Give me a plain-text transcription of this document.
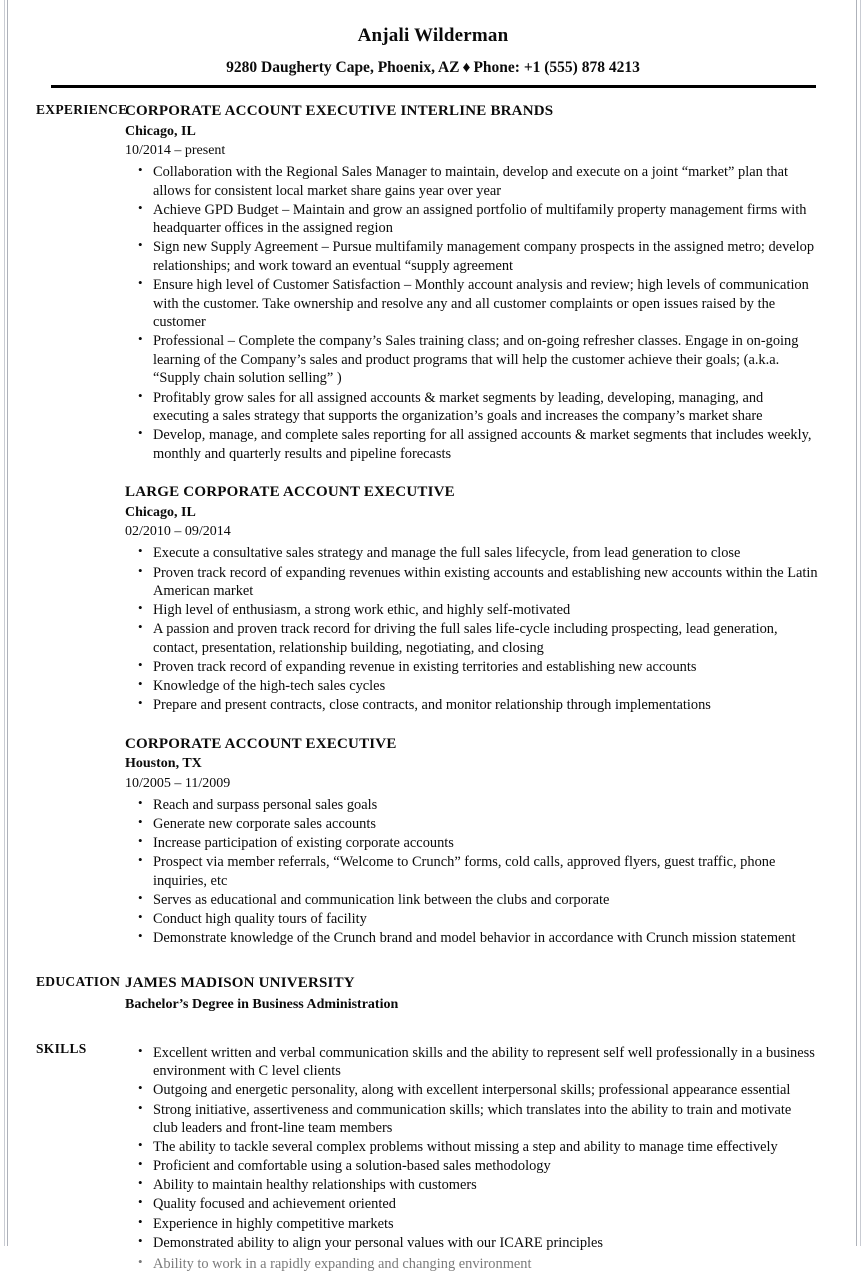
Anjali Wilderman
9280 Daugherty Cape, Phoenix, AZ ♦ Phone: +1 (555) 878 4213
EXPERIENCE
CORPORATE ACCOUNT EXECUTIVE INTERLINE BRANDS
Chicago, IL
10/2014 – present
• Collaboration with the Regional Sales Manager to maintain, develop and execute on a joint “market” plan that allows for consistent local market share gains year over year
• Achieve GPD Budget – Maintain and grow an assigned portfolio of multifamily property management firms with headquarter offices in the assigned region
• Sign new Supply Agreement – Pursue multifamily management company prospects in the assigned metro; develop relationships; and work toward an eventual “supply agreement
• Ensure high level of Customer Satisfaction – Monthly account analysis and review; high levels of communication with the customer. Take ownership and resolve any and all customer complaints or open issues raised by the customer
• Professional – Complete the company’s Sales training class; and on-going refresher classes. Engage in on-going learning of the Company’s sales and product programs that will help the customer achieve their goals; (a.k.a. “Supply chain solution selling” )
• Profitably grow sales for all assigned accounts & market segments by leading, developing, managing, and executing a sales strategy that supports the organization’s goals and increases the company’s market share
• Develop, manage, and complete sales reporting for all assigned accounts & market segments that includes weekly, monthly and quarterly results and pipeline forecasts
LARGE CORPORATE ACCOUNT EXECUTIVE
Chicago, IL
02/2010 – 09/2014
• Execute a consultative sales strategy and manage the full sales lifecycle, from lead generation to close
• Proven track record of expanding revenues within existing accounts and establishing new accounts within the Latin American market
• High level of enthusiasm, a strong work ethic, and highly self-motivated
• A passion and proven track record for driving the full sales life-cycle including prospecting, lead generation, contact, presentation, relationship building, negotiating, and closing
• Proven track record of expanding revenue in existing territories and establishing new accounts
• Knowledge of the high-tech sales cycles
• Prepare and present contracts, close contracts, and monitor relationship through implementations
CORPORATE ACCOUNT EXECUTIVE
Houston, TX
10/2005 – 11/2009
• Reach and surpass personal sales goals
• Generate new corporate sales accounts
• Increase participation of existing corporate accounts
• Prospect via member referrals, “Welcome to Crunch” forms, cold calls, approved flyers, guest traffic, phone inquiries, etc
• Serves as educational and communication link between the clubs and corporate
• Conduct high quality tours of facility
• Demonstrate knowledge of the Crunch brand and model behavior in accordance with Crunch mission statement
EDUCATION JAMES MADISON UNIVERSITY
Bachelor’s Degree in Business Administration
SKILLS	• Excellent written and verbal communication skills and the ability to represent self well professionally in a business environment with C level clients
• Outgoing and energetic personality, along with excellent interpersonal skills; professional appearance essential
• Strong initiative, assertiveness and communication skills; which translates into the ability to train and motivate club leaders and front-line team members
• The ability to tackle several complex problems without missing a step and ability to manage time effectively
• Proficient and comfortable using a solution-based sales methodology
• Ability to maintain healthy relationships with customers
• Quality focused and achievement oriented
• Experience in highly competitive markets
• Demonstrated ability to align your personal values with our ICARE principles
• Ability to work in a rapidly expanding and changing environment
